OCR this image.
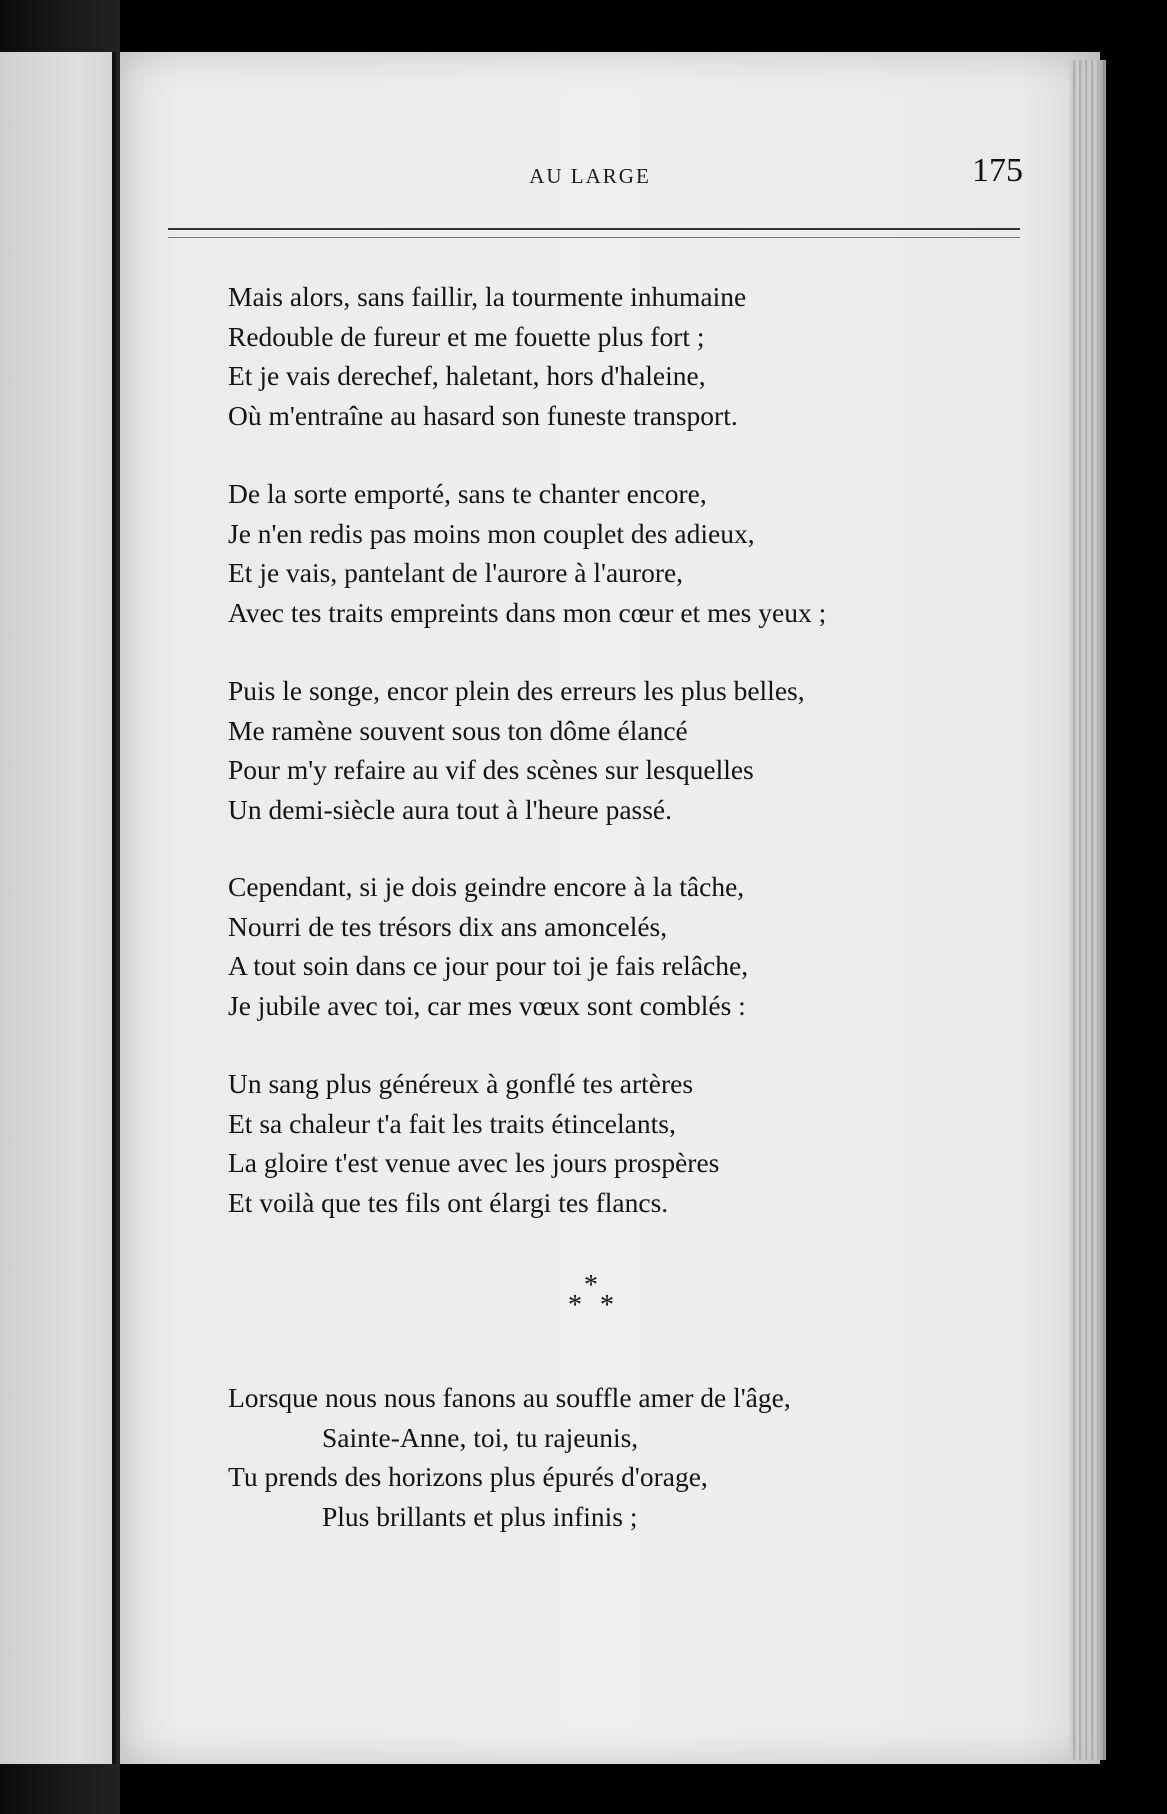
AU LARGE	175
Mais alors, sans faillir, la tourmente inhumaine
Redouble de fureur et me fouette plus fort ;
Et je vais derechef, haletant, hors d'haleine,
Où m'entraîne au hasard son funeste transport.
De la sorte emporté, sans te chanter encore,
Je n'en redis pas moins mon couplet des adieux,
Et je vais, pantelant de l'aurore à l'aurore,
Avec tes traits empreints dans mon cœur et mes yeux ;
Puis le songe, encor plein des erreurs les plus belles,
Me ramène souvent sous ton dôme élancé
Pour m'y refaire au vif des scènes sur lesquelles
Un demi-siècle aura tout à l'heure passé.
Cependant, si je dois geindre encore à la tâche,
Nourri de tes trésors dix ans amoncelés,
A tout soin dans ce jour pour toi je fais relâche,
Je jubile avec toi, car mes vœux sont comblés :
Un sang plus généreux à gonflé tes artères
Et sa chaleur t'a fait les traits étincelants,
La gloire t'est venue avec les jours prospères
Et voilà que tes fils ont élargi tes flancs.
*
* *
Lorsque nous nous fanons au souffle amer de l'âge,
Sainte-Anne, toi, tu rajeunis,
Tu prends des horizons plus épurés d'orage,
Plus brillants et plus infinis ;
